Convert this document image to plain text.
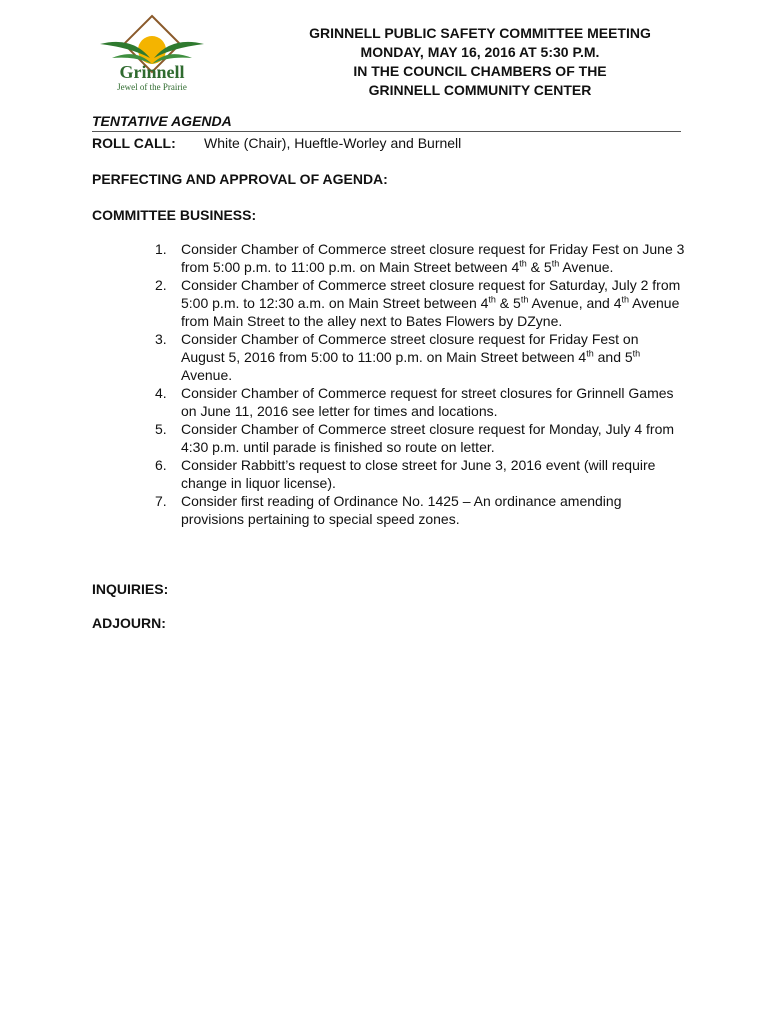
Grinnell
Jewel of the Prairie
GRINNELL PUBLIC SAFETY COMMITTEE MEETING
MONDAY, MAY 16, 2016 AT 5:30 P.M.
IN THE COUNCIL CHAMBERS OF THE
GRINNELL COMMUNITY CENTER
TENTATIVE AGENDA
ROLL CALL: White (Chair), Hueftle-Worley and Burnell
PERFECTING AND APPROVAL OF AGENDA:
COMMITTEE BUSINESS:
1.	Consider Chamber of Commerce street closure request for Friday Fest on June 3 from 5:00 p.m. to 11:00 p.m. on Main Street between 4th & 5th Avenue.
2.	Consider Chamber of Commerce street closure request for Saturday, July 2 from 5:00 p.m. to 12:30 a.m. on Main Street between 4th & 5th Avenue, and 4th Avenue from Main Street to the alley next to Bates Flowers by DZyne.
3.	Consider Chamber of Commerce street closure request for Friday Fest on August 5, 2016 from 5:00 to 11:00 p.m. on Main Street between 4th and 5th Avenue.
4.	Consider Chamber of Commerce request for street closures for Grinnell Games on June 11, 2016 see letter for times and locations.
5.	Consider Chamber of Commerce street closure request for Monday, July 4 from 4:30 p.m. until parade is finished so route on letter.
6.	Consider Rabbitt’s request to close street for June 3, 2016 event (will require change in liquor license).
7.	Consider first reading of Ordinance No. 1425 – An ordinance amending provisions pertaining to special speed zones.
INQUIRIES:
ADJOURN:
